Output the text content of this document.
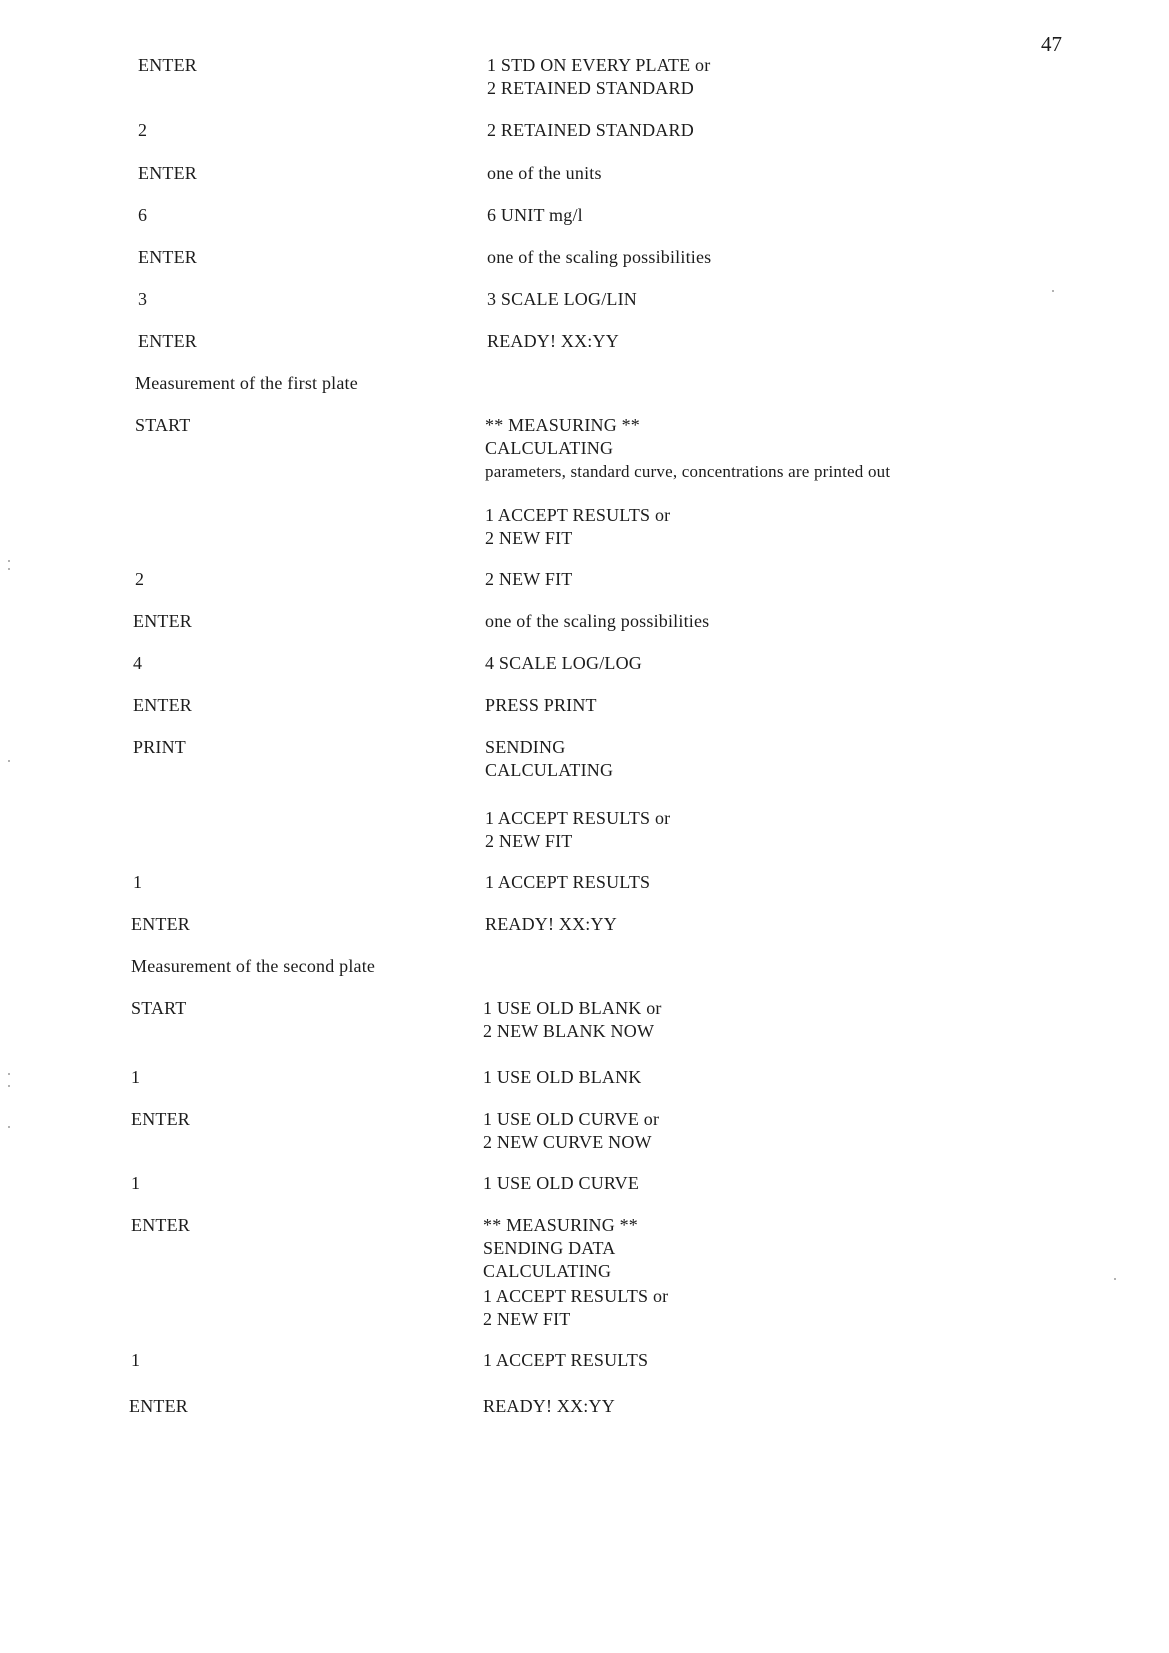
47
ENTER	1 STD ON EVERY PLATE or
2 RETAINED STANDARD
2	2 RETAINED STANDARD
ENTER	one of the units
6	6 UNIT mg/l
ENTER	one of the scaling possibilities
3	3 SCALE LOG/LIN
ENTER	READY! XX:YY
Measurement of the first plate
START	** MEASURING **
CALCULATING
parameters, standard curve, concentrations are printed out
1 ACCEPT RESULTS or
2 NEW FIT
2	2 NEW FIT
ENTER	one of the scaling possibilities
4	4 SCALE LOG/LOG
ENTER	PRESS PRINT
PRINT	SENDING
CALCULATING
1 ACCEPT RESULTS or
2 NEW FIT
1	1 ACCEPT RESULTS
ENTER	READY! XX:YY
Measurement of the second plate
START	1 USE OLD BLANK or
2 NEW BLANK NOW
1	1 USE OLD BLANK
ENTER	1 USE OLD CURVE or
2 NEW CURVE NOW
1	1 USE OLD CURVE
ENTER	** MEASURING **
SENDING DATA
CALCULATING
1 ACCEPT RESULTS or
2 NEW FIT
1	1 ACCEPT RESULTS
ENTER	READY! XX:YY
